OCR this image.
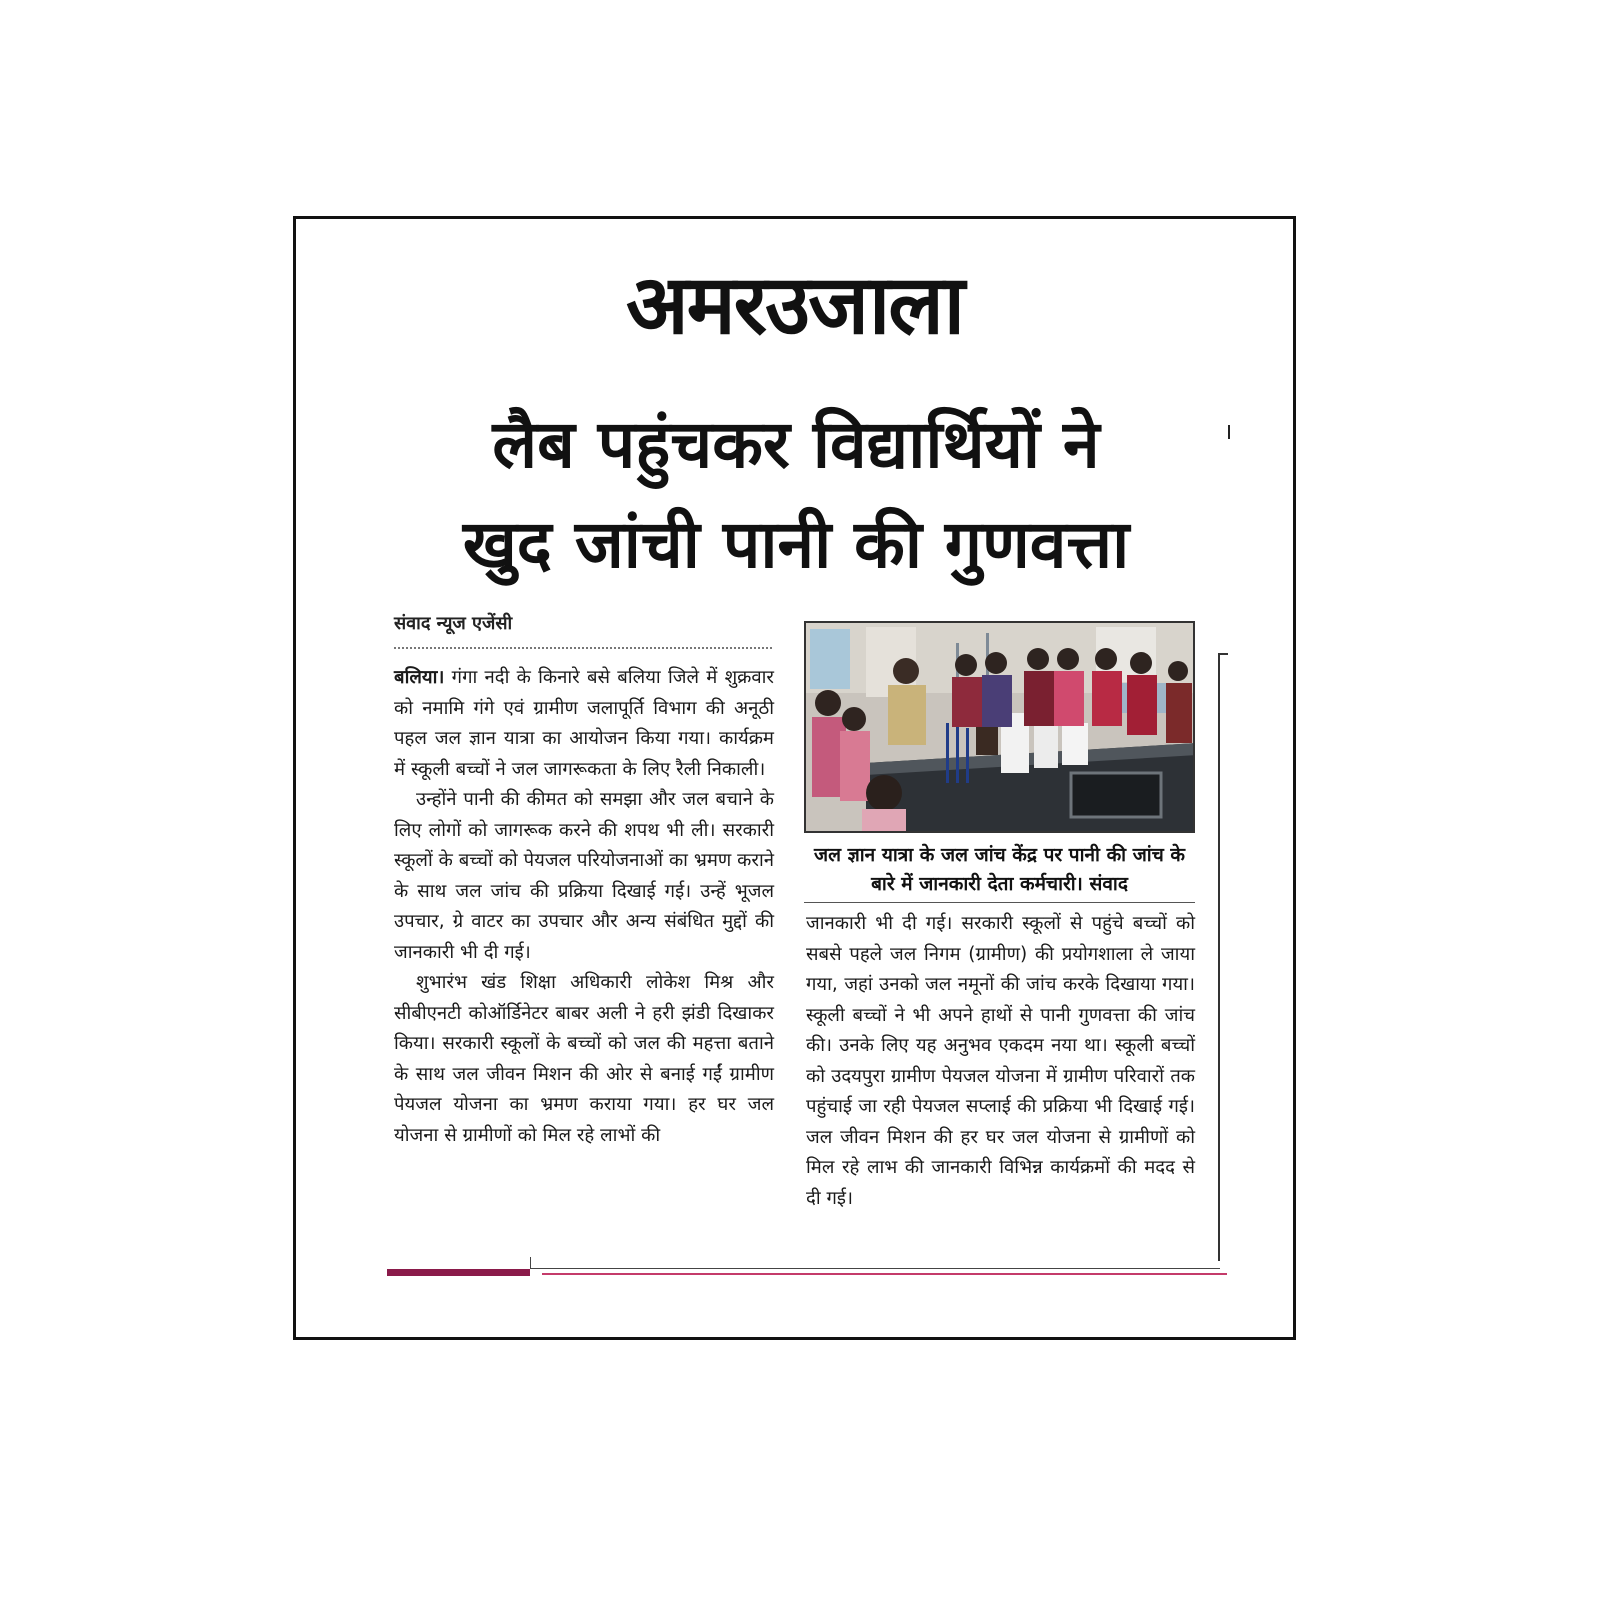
अमरउजाला
लैब पहुंचकर विद्यार्थियों ने
खुद जांची पानी की गुणवत्ता
संवाद न्यूज एजेंसी

बलिया। गंगा नदी के किनारे बसे बलिया जिले में शुक्रवार को नमामि गंगे एवं ग्रामीण जलापूर्ति विभाग की अनूठी पहल जल ज्ञान यात्रा का आयोजन किया गया। कार्यक्रम में स्कूली बच्चों ने जल जागरूकता के लिए रैली निकाली।

उन्होंने पानी की कीमत को समझा और जल बचाने के लिए लोगों को जागरूक करने की शपथ भी ली। सरकारी स्कूलों के बच्चों को पेयजल परियोजनाओं का भ्रमण कराने के साथ जल जांच की प्रक्रिया दिखाई गई। उन्हें भूजल उपचार, ग्रे वाटर का उपचार और अन्य संबंधित मुद्दों की जानकारी भी दी गई।

शुभारंभ खंड शिक्षा अधिकारी लोकेश मिश्र और सीबीएनटी कोऑर्डिनेटर बाबर अली ने हरी झंडी दिखाकर किया। सरकारी स्कूलों के बच्चों को जल की महत्ता बताने के साथ जल जीवन मिशन की ओर से बनाई गईं ग्रामीण पेयजल योजना का भ्रमण कराया गया। हर घर जल योजना से ग्रामीणों को मिल रहे लाभों की

जल ज्ञान यात्रा के जल जांच केंद्र पर पानी की जांच के बारे में जानकारी देता कर्मचारी। संवाद

जानकारी भी दी गई। सरकारी स्कूलों से पहुंचे बच्चों को सबसे पहले जल निगम (ग्रामीण) की प्रयोगशाला ले जाया गया, जहां उनको जल नमूनों की जांच करके दिखाया गया। स्कूली बच्चों ने भी अपने हाथों से पानी गुणवत्ता की जांच की। उनके लिए यह अनुभव एकदम नया था। स्कूली बच्चों को उदयपुरा ग्रामीण पेयजल योजना में ग्रामीण परिवारों तक पहुंचाई जा रही पेयजल सप्लाई की प्रक्रिया भी दिखाई गई। जल जीवन मिशन की हर घर जल योजना से ग्रामीणों को मिल रहे लाभ की जानकारी विभिन्न कार्यक्रमों की मदद से दी गई।
